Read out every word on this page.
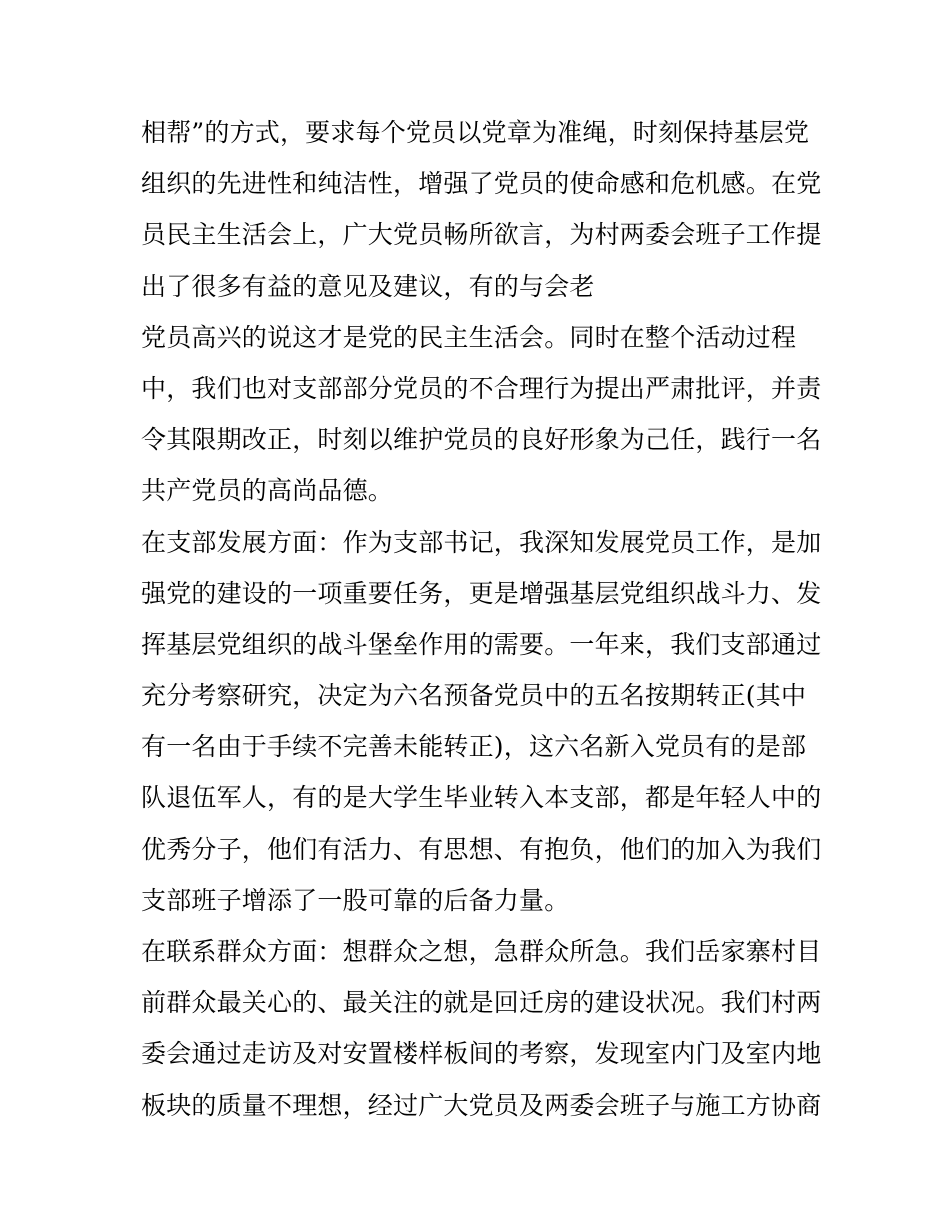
相帮”的方式，要求每个党员以党章为准绳，时刻保持基层党
组织的先进性和纯洁性，增强了党员的使命感和危机感。在党
员民主生活会上，广大党员畅所欲言，为村两委会班子工作提
出了很多有益的意见及建议，有的与会老
党员高兴的说这才是党的民主生活会。同时在整个活动过程
中，我们也对支部部分党员的不合理行为提出严肃批评，并责
令其限期改正，时刻以维护党员的良好形象为己任，践行一名
共产党员的高尚品德。
在支部发展方面：作为支部书记，我深知发展党员工作，是加
强党的建设的一项重要任务，更是增强基层党组织战斗力、发
挥基层党组织的战斗堡垒作用的需要。一年来，我们支部通过
充分考察研究，决定为六名预备党员中的五名按期转正(其中
有一名由于手续不完善未能转正)，这六名新入党员有的是部
队退伍军人，有的是大学生毕业转入本支部，都是年轻人中的
优秀分子，他们有活力、有思想、有抱负，他们的加入为我们
支部班子增添了一股可靠的后备力量。
在联系群众方面：想群众之想，急群众所急。我们岳家寨村目
前群众最关心的、最关注的就是回迁房的建设状况。我们村两
委会通过走访及对安置楼样板间的考察，发现室内门及室内地
板块的质量不理想，经过广大党员及两委会班子与施工方协商
